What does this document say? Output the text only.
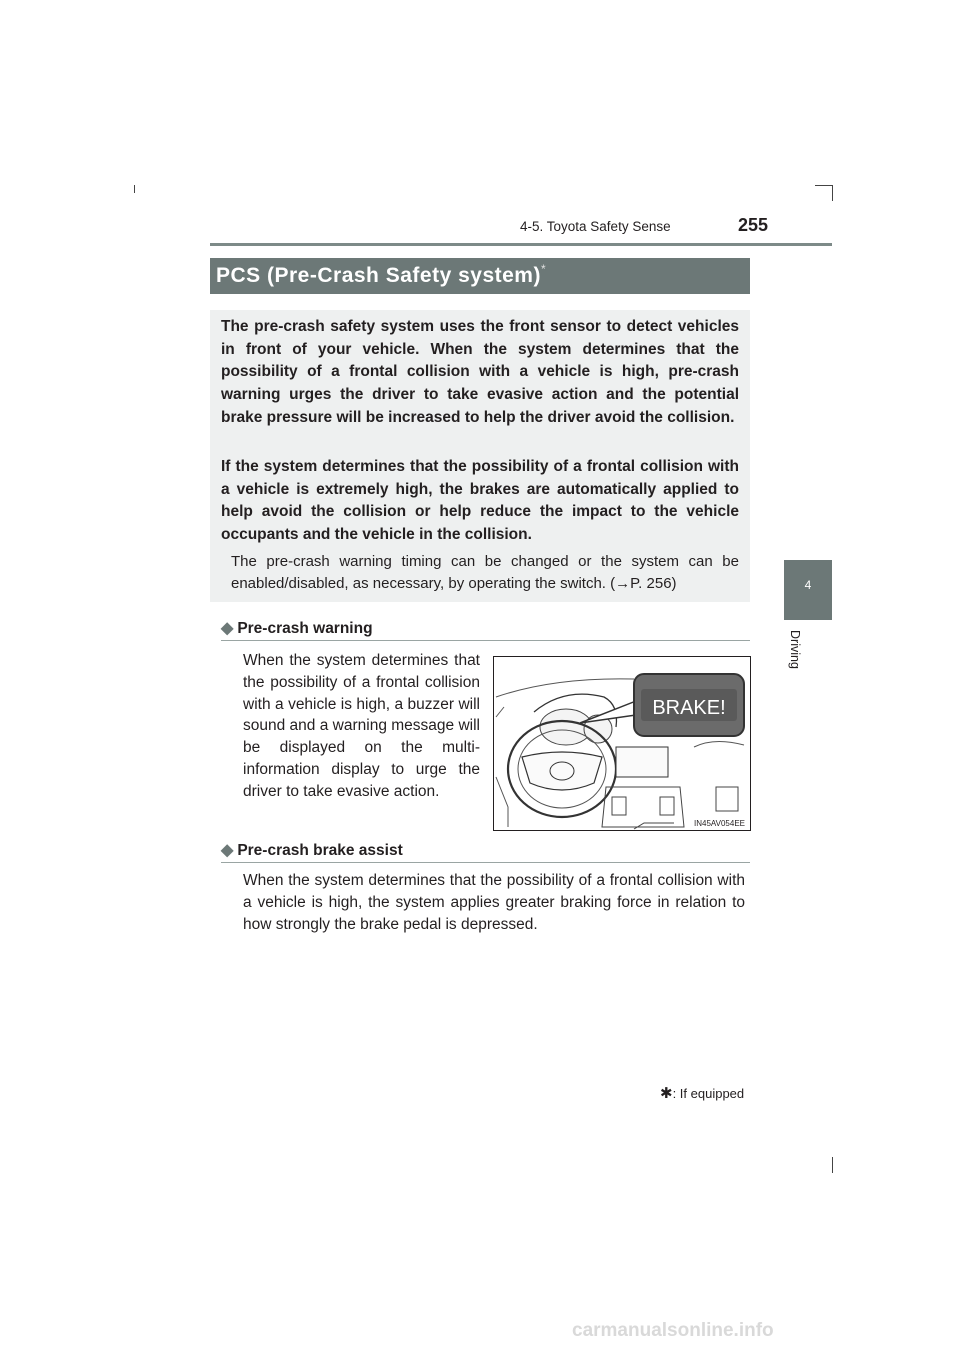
4-5. Toyota Safety Sense	255
4
Driving
PCS (Pre-Crash Safety system)*
The pre-crash safety system uses the front sensor to detect vehicles in front of your vehicle. When the system determines that the possibility of a frontal collision with a vehicle is high, pre-crash warning urges the driver to take evasive action and the potential brake pressure will be increased to help the driver avoid the collision.
If the system determines that the possibility of a frontal collision with a vehicle is extremely high, the brakes are automatically applied to help avoid the collision or help reduce the impact to the vehicle occupants and the vehicle in the collision.
The pre-crash warning timing can be changed or the system can be enabled/disabled, as necessary, by operating the switch. (→P. 256)
◆ Pre-crash warning
When the system determines that the possibility of a frontal collision with a vehicle is high, a buzzer will sound and a warning message will be displayed on the multi-information display to urge the driver to take evasive action.
BRAKE!
IN45AV054EE
◆ Pre-crash brake assist
When the system determines that the possibility of a frontal collision with a vehicle is high, the system applies greater braking force in relation to how strongly the brake pedal is depressed.
✱: If equipped
carmanualsonline.info
